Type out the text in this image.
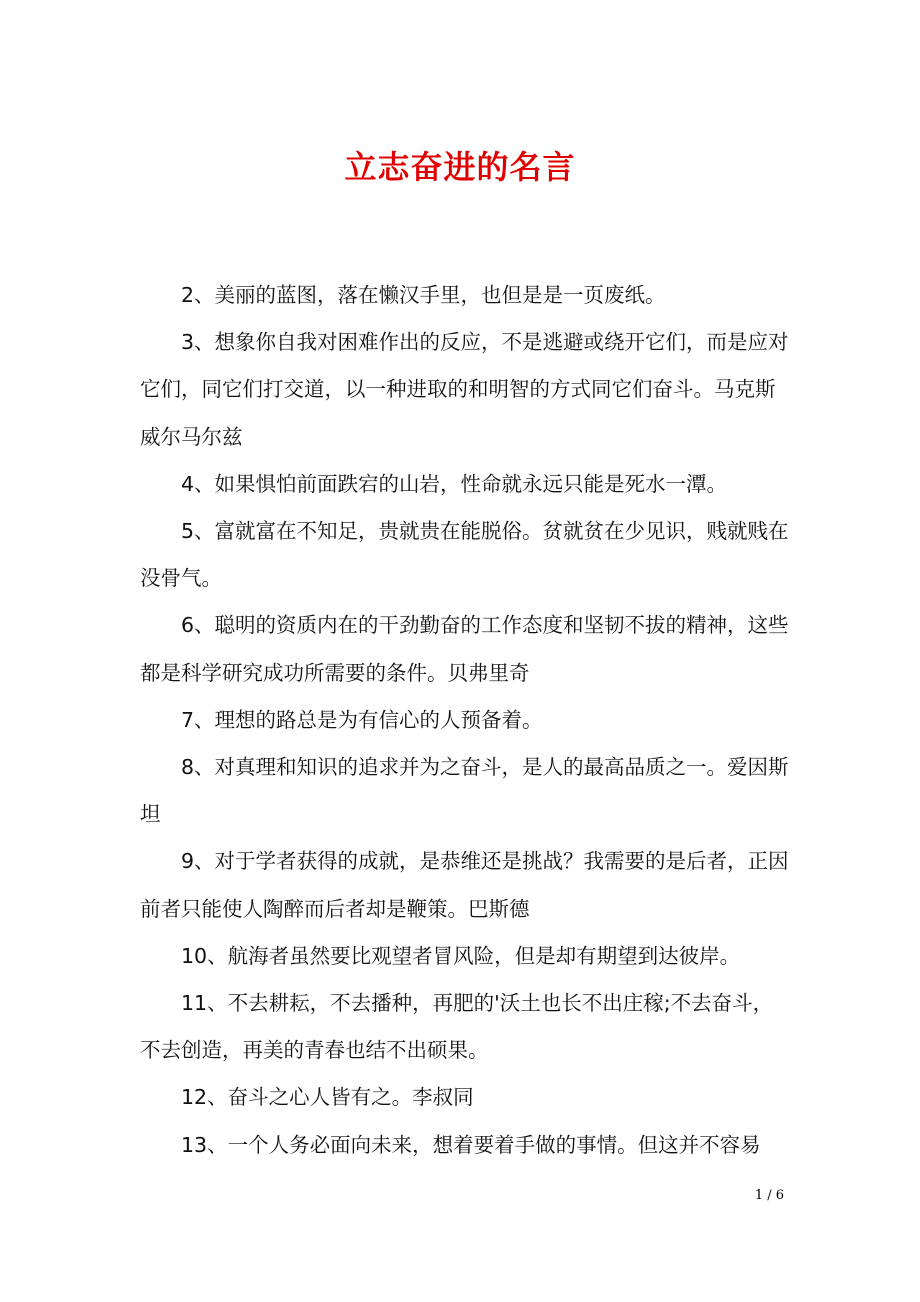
立志奋进的名言

2、美丽的蓝图，落在懒汉手里，也但是是一页废纸。

3、想象你自我对困难作出的反应，不是逃避或绕开它们，而是应对它们，同它们打交道，以一种进取的和明智的方式同它们奋斗。马克斯威尔马尔兹

4、如果惧怕前面跌宕的山岩，性命就永远只能是死水一潭。

5、富就富在不知足，贵就贵在能脱俗。贫就贫在少见识，贱就贱在没骨气。

6、聪明的资质内在的干劲勤奋的工作态度和坚韧不拔的精神，这些都是科学研究成功所需要的条件。贝弗里奇

7、理想的路总是为有信心的人预备着。

8、对真理和知识的追求并为之奋斗，是人的最高品质之一。爱因斯坦

9、对于学者获得的成就，是恭维还是挑战？我需要的是后者，正因前者只能使人陶醉而后者却是鞭策。巴斯德

10、航海者虽然要比观望者冒风险，但是却有期望到达彼岸。

11、不去耕耘，不去播种，再肥的'沃土也长不出庄稼;不去奋斗，不去创造，再美的青春也结不出硕果。

12、奋斗之心人皆有之。李叔同

13、一个人务必面向未来，想着要着手做的事情。但这并不容易

1 / 6
